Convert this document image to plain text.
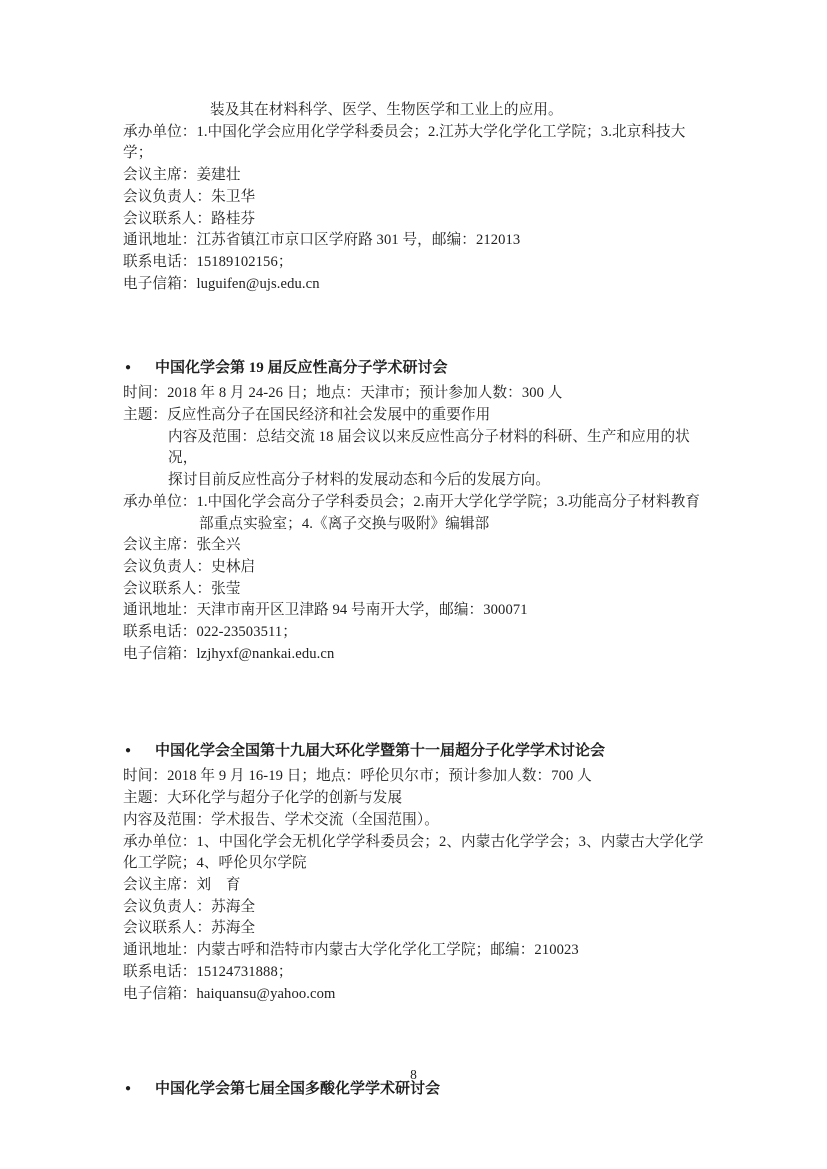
装及其在材料科学、医学、生物医学和工业上的应用。
承办单位：1.中国化学会应用化学学科委员会；2.江苏大学化学化工学院；3.北京科技大学；
会议主席：姜建壮
会议负责人：朱卫华
会议联系人：路桂芬
通讯地址：江苏省镇江市京口区学府路 301 号，邮编：212013
联系电话：15189102156；
电子信箱：luguifen@ujs.edu.cn
● 中国化学会第 19 届反应性高分子学术研讨会
时间：2018 年 8 月 24-26 日；地点：天津市；预计参加人数：300 人
主题：反应性高分子在国民经济和社会发展中的重要作用
内容及范围：总结交流 18 届会议以来反应性高分子材料的科研、生产和应用的状况，
探讨目前反应性高分子材料的发展动态和今后的发展方向。
承办单位：1.中国化学会高分子学科委员会；2.南开大学化学学院；3.功能高分子材料教育
部重点实验室；4.《离子交换与吸附》编辑部
会议主席：张全兴
会议负责人：史林启
会议联系人：张莹
通讯地址：天津市南开区卫津路 94 号南开大学，邮编：300071
联系电话：022-23503511；
电子信箱：lzjhyxf@nankai.edu.cn
● 中国化学会全国第十九届大环化学暨第十一届超分子化学学术讨论会
时间：2018 年 9 月 16-19 日；地点：呼伦贝尔市；预计参加人数：700 人
主题：大环化学与超分子化学的创新与发展
内容及范围：学术报告、学术交流（全国范围）。
承办单位：1、中国化学会无机化学学科委员会；2、内蒙古化学学会；3、内蒙古大学化学
化工学院；4、呼伦贝尔学院
会议主席：刘　育
会议负责人：苏海全
会议联系人：苏海全
通讯地址：内蒙古呼和浩特市内蒙古大学化学化工学院；邮编：210023
联系电话：15124731888；
电子信箱：haiquansu@yahoo.com
● 中国化学会第七届全国多酸化学学术研讨会
8
